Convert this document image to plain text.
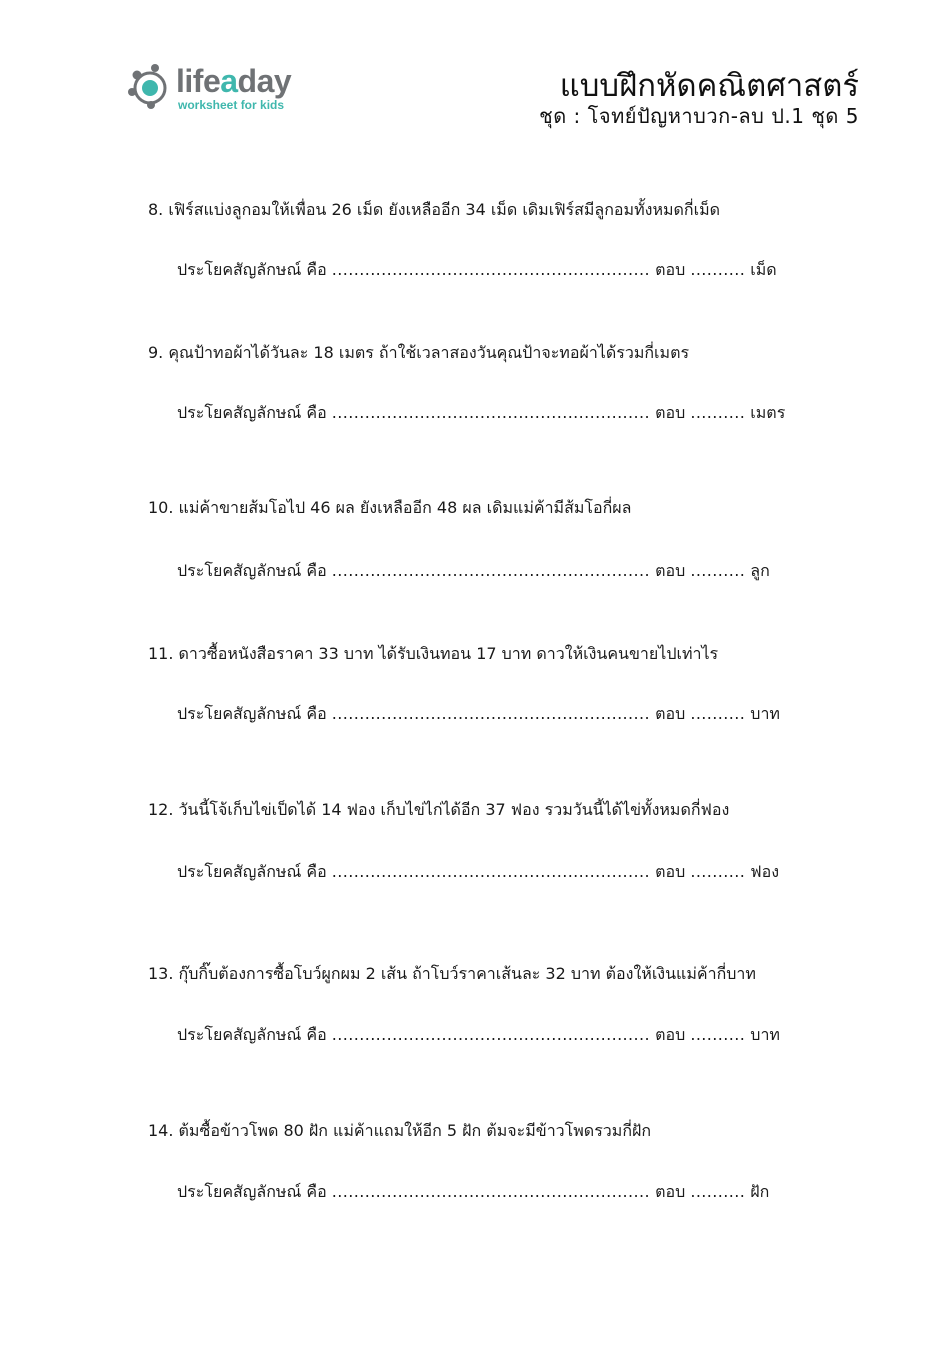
lifeaday
worksheet for kids
แบบฝึกหัดคณิตศาสตร์
ชุด : โจทย์ปัญหาบวก-ลบ ป.1 ชุด 5
8. เฟิร์สแบ่งลูกอมให้เพื่อน 26 เม็ด ยังเหลืออีก 34 เม็ด เดิมเฟิร์สมีลูกอมทั้งหมดกี่เม็ด
ประโยคสัญลักษณ์ คือ .......................................................... ตอบ .......... เม็ด
9. คุณป้าทอผ้าได้วันละ 18 เมตร ถ้าใช้เวลาสองวันคุณป้าจะทอผ้าได้รวมกี่เมตร
ประโยคสัญลักษณ์ คือ .......................................................... ตอบ .......... เมตร
10. แม่ค้าขายส้มโอไป 46 ผล ยังเหลืออีก 48 ผล เดิมแม่ค้ามีส้มโอกี่ผล
ประโยคสัญลักษณ์ คือ .......................................................... ตอบ .......... ลูก
11. ดาวซื้อหนังสือราคา 33 บาท ได้รับเงินทอน 17 บาท ดาวให้เงินคนขายไปเท่าไร
ประโยคสัญลักษณ์ คือ .......................................................... ตอบ .......... บาท
12. วันนี้โจ้เก็บไข่เป็ดได้ 14 ฟอง เก็บไข่ไก่ได้อีก 37 ฟอง รวมวันนี้ได้ไข่ทั้งหมดกี่ฟอง
ประโยคสัญลักษณ์ คือ .......................................................... ตอบ .......... ฟอง
13. กุ๊บกิ๊บต้องการซื้อโบว์ผูกผม 2 เส้น ถ้าโบว์ราคาเส้นละ 32 บาท ต้องให้เงินแม่ค้ากี่บาท
ประโยคสัญลักษณ์ คือ .......................................................... ตอบ .......... บาท
14. ต้มซื้อข้าวโพด 80 ฝัก แม่ค้าแถมให้อีก 5 ฝัก ต้มจะมีข้าวโพดรวมกี่ฝัก
ประโยคสัญลักษณ์ คือ .......................................................... ตอบ .......... ฝัก
